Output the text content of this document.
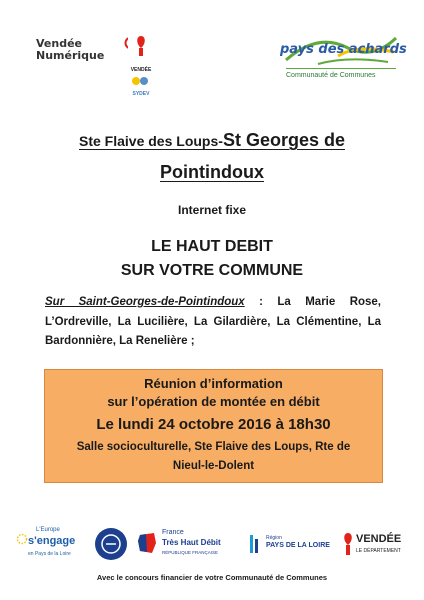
Vendée
Numérique
VENDÉE
SYDEV
pays des achards
Communauté de Communes
Ste Flaive des Loups-St Georges de
Pointindoux
Internet fixe
LE HAUT DEBIT
SUR VOTRE COMMUNE
Sur Saint-Georges-de-Pointindoux : La Marie Rose, L’Ordreville, La Lucilière, La Gilardière, La Clémentine, La Bardonnière, La Renelière ;
Réunion d’information
sur l’opération de montée en débit
Le lundi 24 octobre 2016 à 18h30
Salle socioculturelle, Ste Flaive des Loups, Rte de
Nieul-le-Dolent
L'Europe
s'engage
en Pays de la Loire
France
Très Haut Débit
RÉPUBLIQUE FRANÇAISE
Région
PAYS DE LA LOIRE
VENDÉE
LE DÉPARTEMENT
Avec le concours financier de votre Communauté de Communes
